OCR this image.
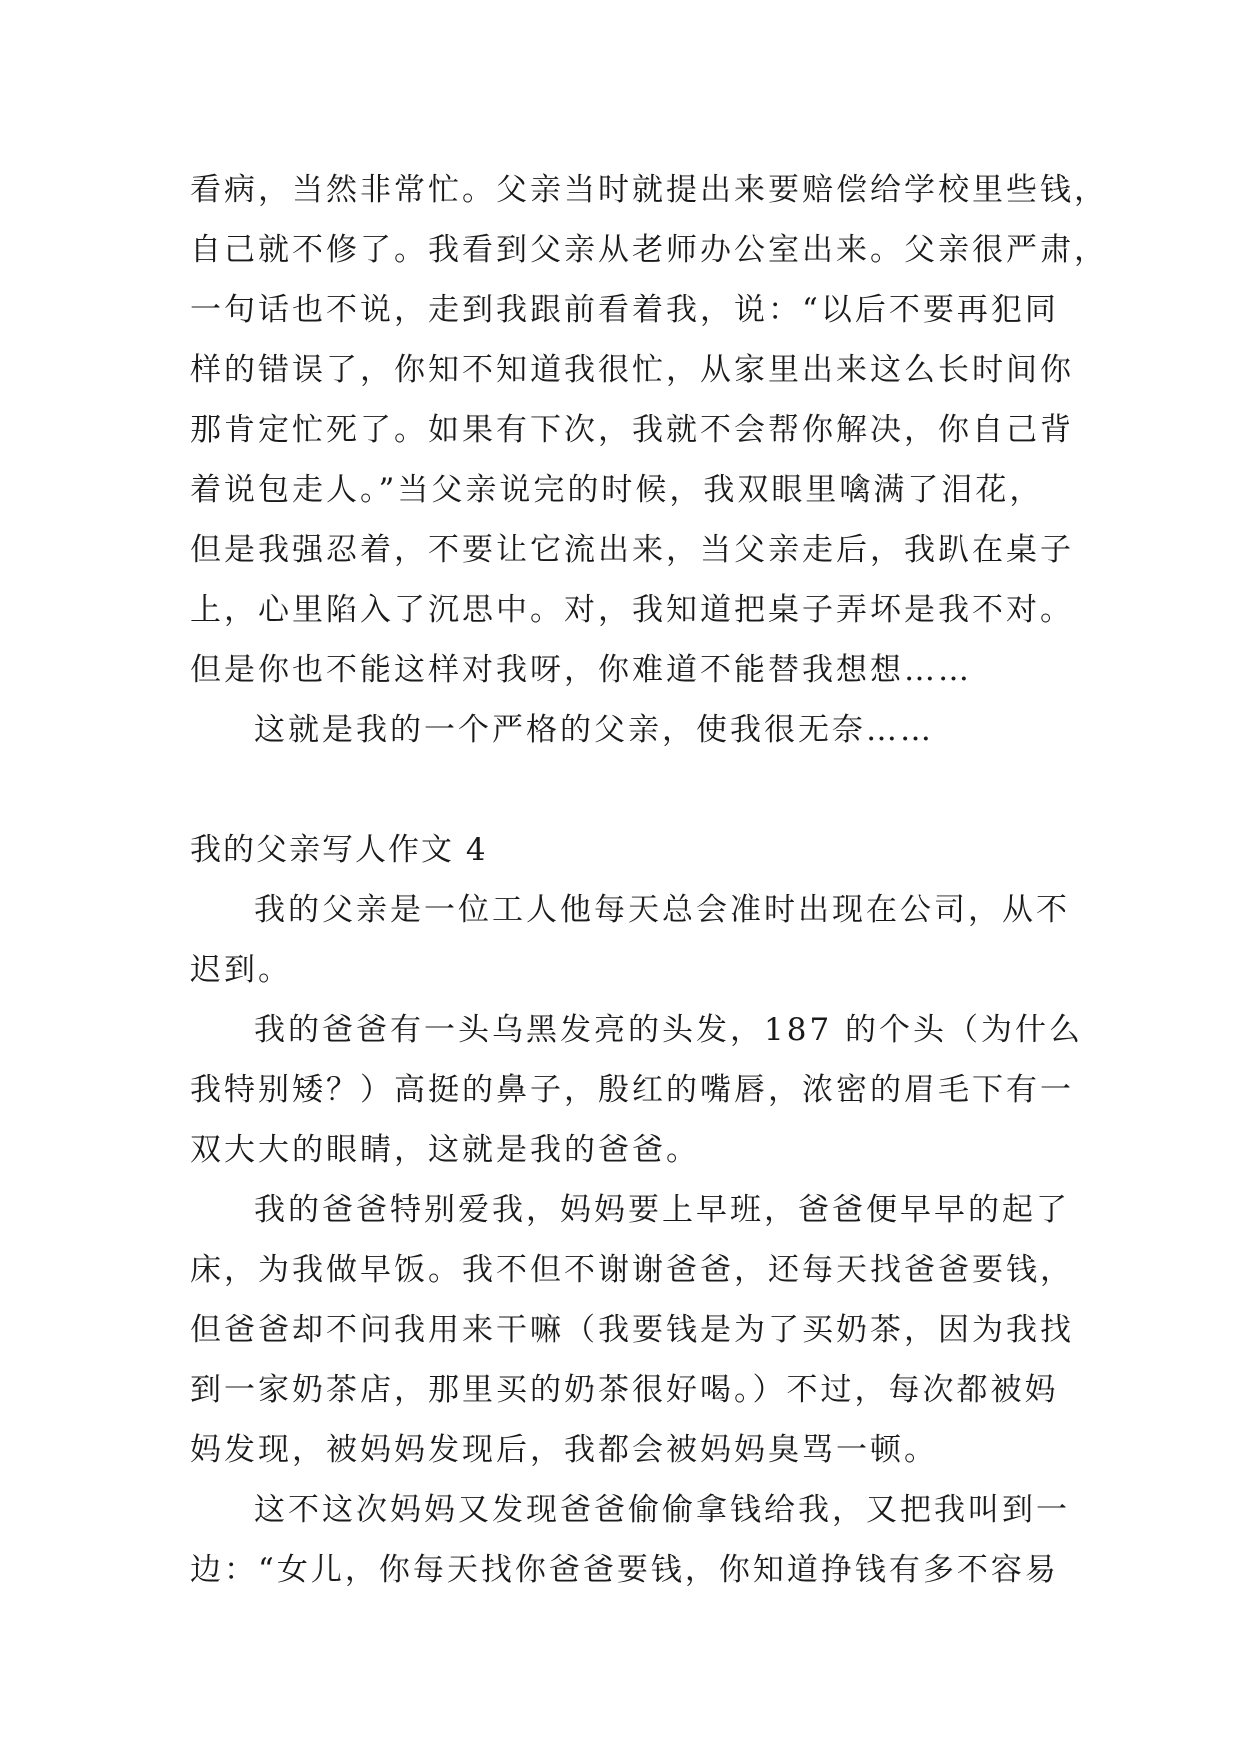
看病，当然非常忙。父亲当时就提出来要赔偿给学校里些钱，
自己就不修了。我看到父亲从老师办公室出来。父亲很严肃，
一句话也不说，走到我跟前看着我，说：“以后不要再犯同
样的错误了，你知不知道我很忙，从家里出来这么长时间你
那肯定忙死了。如果有下次，我就不会帮你解决，你自己背
着说包走人。”当父亲说完的时候，我双眼里噙满了泪花，
但是我强忍着，不要让它流出来，当父亲走后，我趴在桌子
上，心里陷入了沉思中。对，我知道把桌子弄坏是我不对。
但是你也不能这样对我呀，你难道不能替我想想……
这就是我的一个严格的父亲，使我很无奈……
我的父亲写人作文 4
我的父亲是一位工人他每天总会准时出现在公司，从不
迟到。
我的爸爸有一头乌黑发亮的头发，187 的个头（为什么
我特别矮？）高挺的鼻子，殷红的嘴唇，浓密的眉毛下有一
双大大的眼睛，这就是我的爸爸。
我的爸爸特别爱我，妈妈要上早班，爸爸便早早的起了
床，为我做早饭。我不但不谢谢爸爸，还每天找爸爸要钱，
但爸爸却不问我用来干嘛（我要钱是为了买奶茶，因为我找
到一家奶茶店，那里买的奶茶很好喝。）不过，每次都被妈
妈发现，被妈妈发现后，我都会被妈妈臭骂一顿。
这不这次妈妈又发现爸爸偷偷拿钱给我，又把我叫到一
边：“女儿，你每天找你爸爸要钱，你知道挣钱有多不容易
